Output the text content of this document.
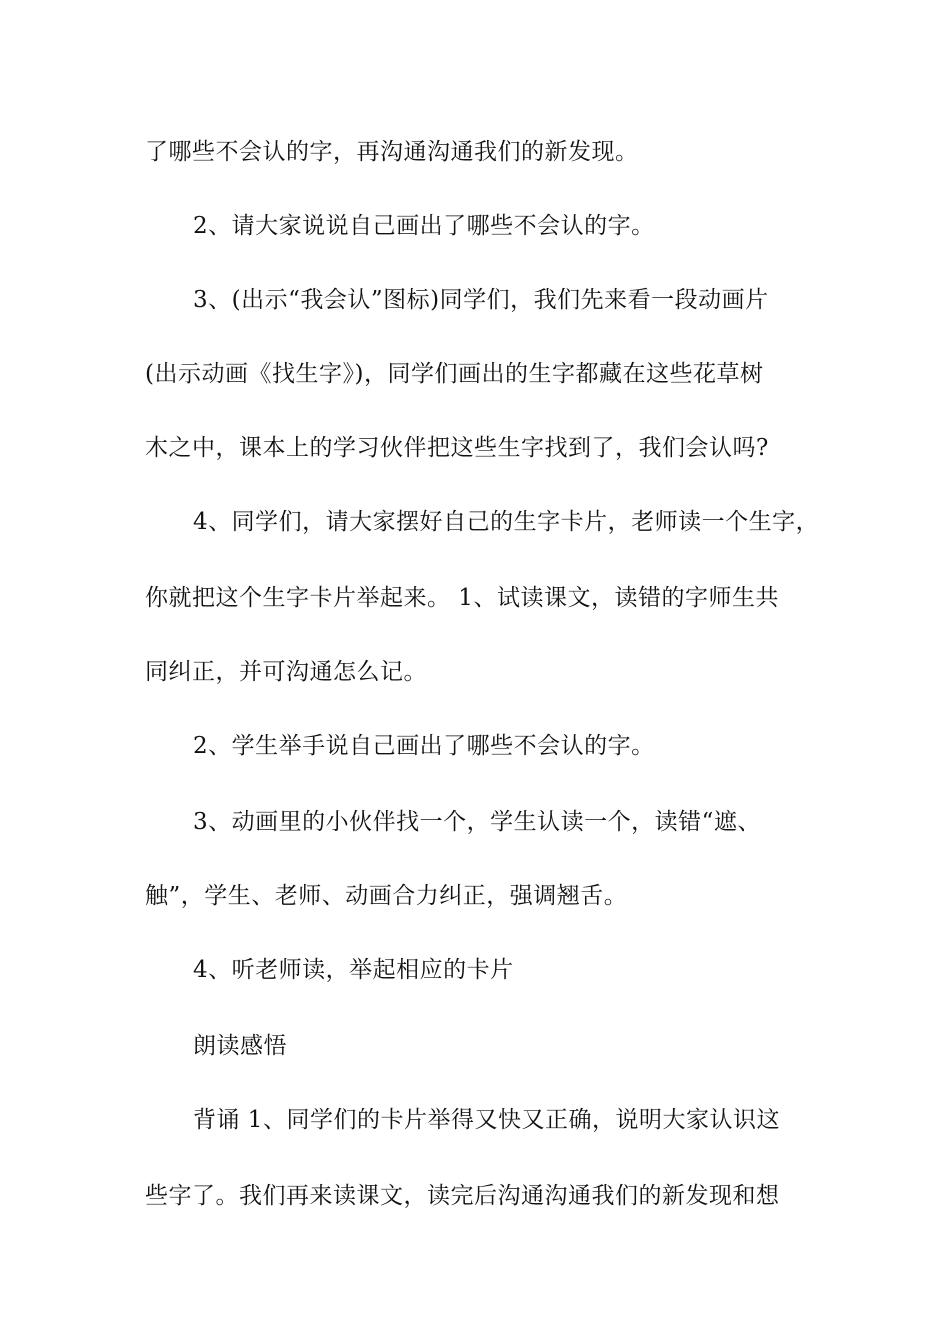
了哪些不会认的字，再沟通沟通我们的新发现。
2、请大家说说自己画出了哪些不会认的字。
3、(出示“我会认”图标)同学们，我们先来看一段动画片
(出示动画《找生字》)，同学们画出的生字都藏在这些花草树
木之中，课本上的学习伙伴把这些生字找到了，我们会认吗?
4、同学们，请大家摆好自己的生字卡片，老师读一个生字，
你就把这个生字卡片举起来。 1、试读课文，读错的字师生共
同纠正，并可沟通怎么记。
2、学生举手说自己画出了哪些不会认的字。
3、动画里的小伙伴找一个，学生认读一个，读错“遮、
触”，学生、老师、动画合力纠正，强调翘舌。
4、听老师读，举起相应的卡片
朗读感悟
背诵 1、同学们的卡片举得又快又正确，说明大家认识这
些字了。我们再来读课文，读完后沟通沟通我们的新发现和想
